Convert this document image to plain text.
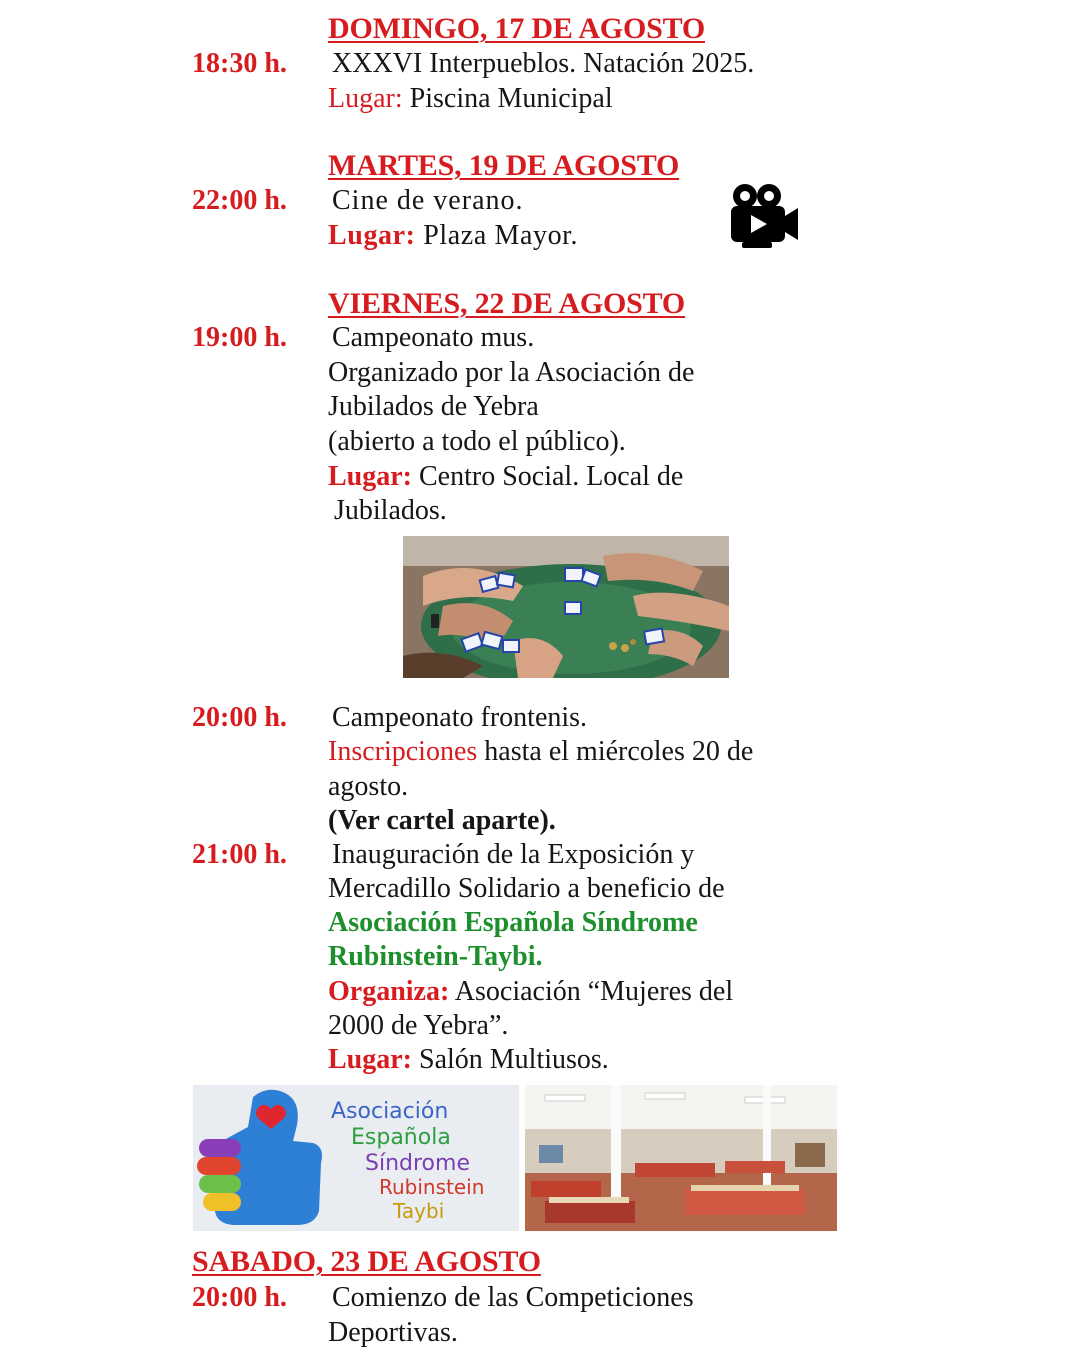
DOMINGO, 17 DE AGOSTO
18:30 h. XXXVI Interpueblos. Natación 2025.
Lugar: Piscina Municipal
MARTES, 19 DE AGOSTO
22:00 h. Cine de verano.
Lugar: Plaza Mayor.
VIERNES, 22 DE AGOSTO
19:00 h. Campeonato mus.
Organizado por la Asociación de
Jubilados de Yebra
(abierto a todo el público).
Lugar: Centro Social. Local de
Jubilados.
20:00 h. Campeonato frontenis.
Inscripciones hasta el miércoles 20 de
agosto.
(Ver cartel aparte).
21:00 h. Inauguración de la Exposición y
Mercadillo Solidario a beneficio de
Asociación Española Síndrome
Rubinstein-Taybi.
Organiza: Asociación “Mujeres del
2000 de Yebra”.
Lugar: Salón Multiusos.
Asociación
Española
Síndrome
Rubinstein
Taybi
SABADO, 23 DE AGOSTO
20:00 h. Comienzo de las Competiciones
Deportivas.
